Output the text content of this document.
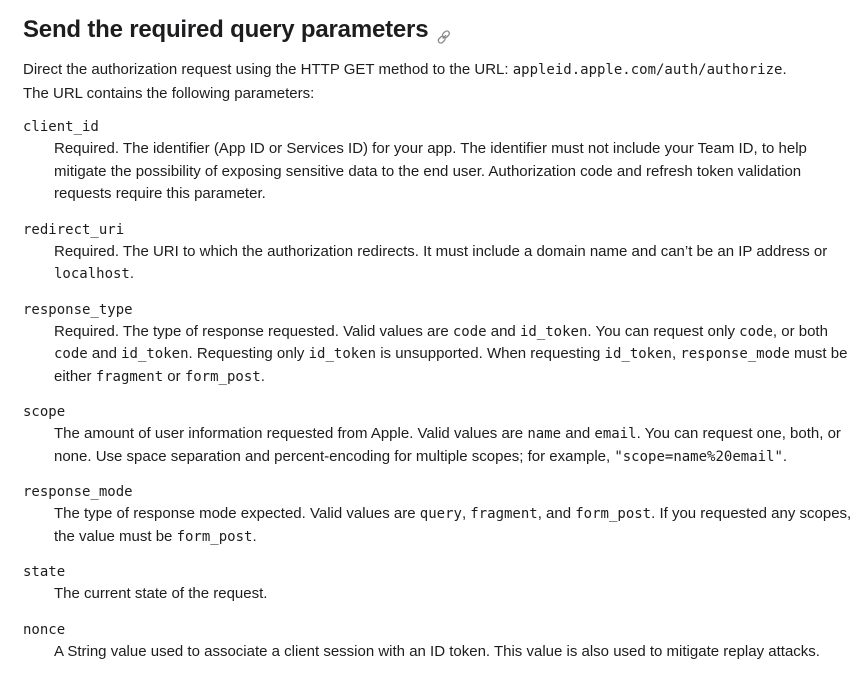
Send the required query parameters

Direct the authorization request using the HTTP GET method to the URL: appleid.apple.com/auth/authorize.
The URL contains the following parameters:

client_id
Required. The identifier (App ID or Services ID) for your app. The identifier must not include your Team ID, to help mitigate the possibility of exposing sensitive data to the end user. Authorization code and refresh token validation requests require this parameter.
redirect_uri
Required. The URI to which the authorization redirects. It must include a domain name and can’t be an IP address or localhost.
response_type
Required. The type of response requested. Valid values are code and id_token. You can request only code, or both code and id_token. Requesting only id_token is unsupported. When requesting id_token, response_mode must be either fragment or form_post.
scope
The amount of user information requested from Apple. Valid values are name and email. You can request one, both, or none. Use space separation and percent-encoding for multiple scopes; for example, "scope=name%20email".
response_mode
The type of response mode expected. Valid values are query, fragment, and form_post. If you requested any scopes, the value must be form_post.
state
The current state of the request.
nonce
A String value used to associate a client session with an ID token. This value is also used to mitigate replay attacks.
